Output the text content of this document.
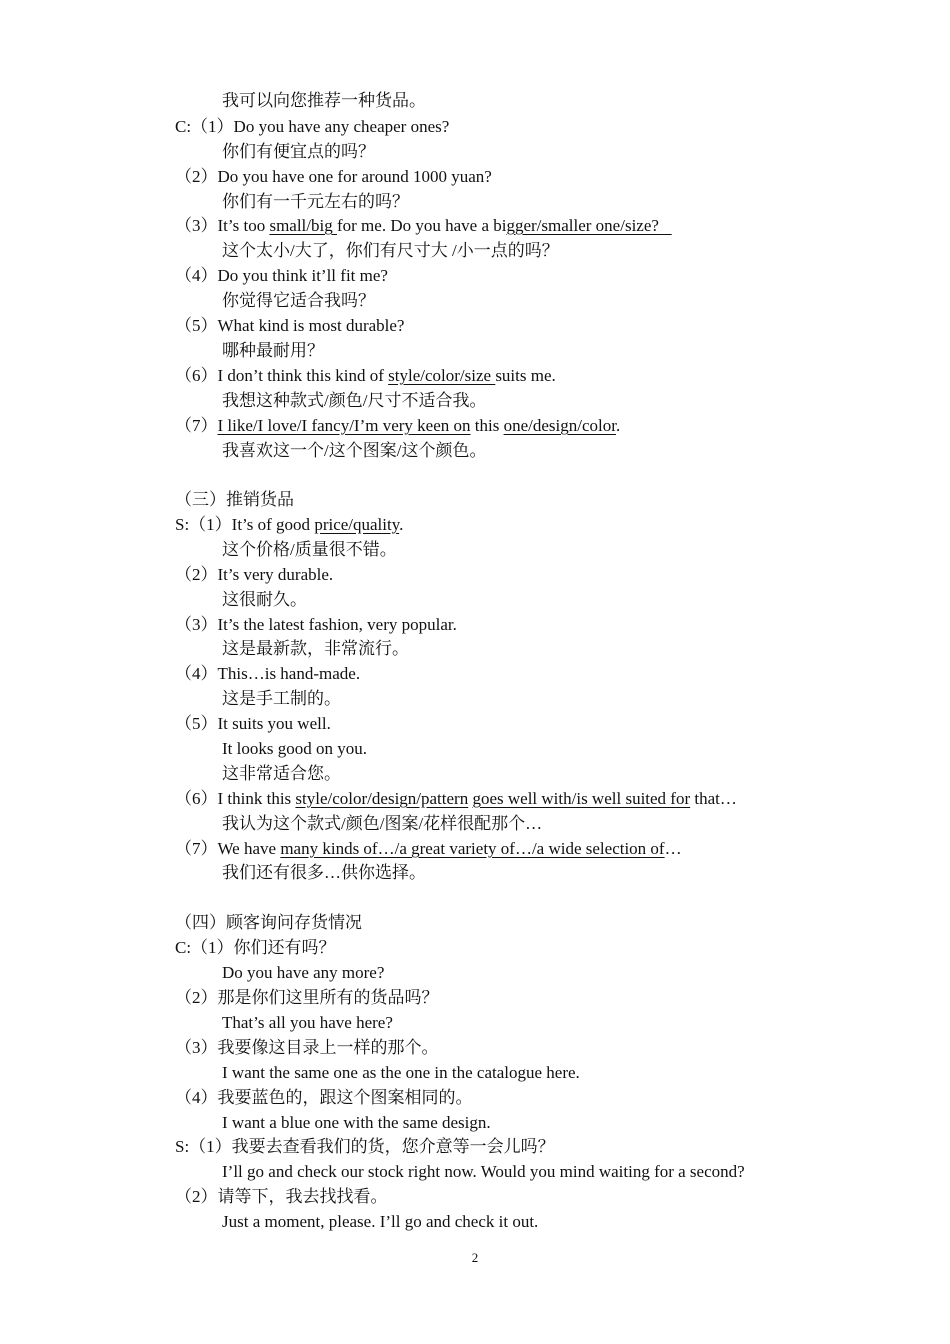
我可以向您推荐一种货品。
C:（1）Do you have any cheaper ones?
你们有便宜点的吗？
（2）Do you have one for around 1000 yuan?
你们有一千元左右的吗？
（3）It’s too small/big for me. Do you have a bigger/smaller one/size?
这个太小/大了，你们有尺寸大 /小一点的吗？
（4）Do you think it’ll fit me?
你觉得它适合我吗？
（5）What kind is most durable?
哪种最耐用？
（6）I don’t think this kind of style/color/size suits me.
我想这种款式/颜色/尺寸不适合我。
（7）I like/I love/I fancy/I’m very keen on this one/design/color.
我喜欢这一个/这个图案/这个颜色。
（三）推销货品
S:（1）It’s of good price/quality.
这个价格/质量很不错。
（2）It’s very durable.
这很耐久。
（3）It’s the latest fashion, very popular.
这是最新款，非常流行。
（4）This…is hand-made.
这是手工制的。
（5）It suits you well.
It looks good on you.
这非常适合您。
（6）I think this style/color/design/pattern goes well with/is well suited for that…
我认为这个款式/颜色/图案/花样很配那个…
（7）We have many kinds of…/a great variety of…/a wide selection of…
我们还有很多…供你选择。
（四）顾客询问存货情况
C:（1）你们还有吗？
Do you have any more?
（2）那是你们这里所有的货品吗？
That’s all you have here?
（3）我要像这目录上一样的那个。
I want the same one as the one in the catalogue here.
（4）我要蓝色的，跟这个图案相同的。
I want a blue one with the same design.
S:（1）我要去查看我们的货，您介意等一会儿吗？
I’ll go and check our stock right now. Would you mind waiting for a second?
（2）请等下，我去找找看。
Just a moment, please. I’ll go and check it out.
2
